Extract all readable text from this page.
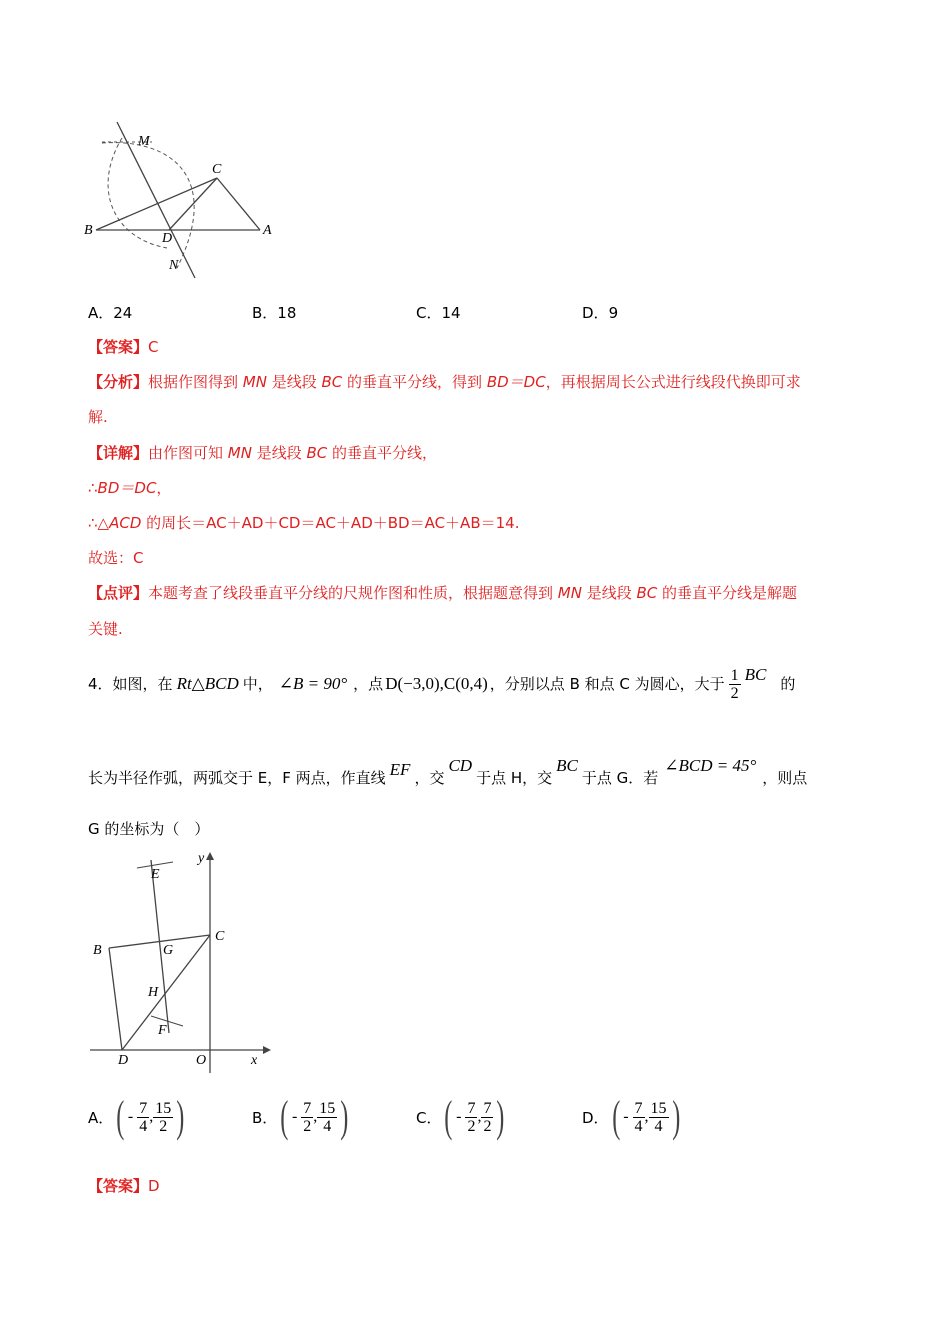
M
C
B
D
A
N
A．24	B．18	C．14	D．9
【答案】C
【分析】根据作图得到 MN 是线段 BC 的垂直平分线，得到 BD＝DC，再根据周长公式进行线段代换即可求
解.
【详解】由作图可知 MN 是线段 BC 的垂直平分线，
∴BD＝DC，
∴△ACD 的周长＝AC＋AD＋CD＝AC＋AD＋BD＝AC＋AB＝14.
故选：C
【点评】本题考查了线段垂直平分线的尺规作图和性质，根据题意得到 MN 是线段 BC 的垂直平分线是解题
关键.
4． 如图，在 Rt△BCD 中， ∠B = 90° ，点 D(−3,0),C(0,4) ，分别以点 B 和点 C 为圆心，大于 $\frac{1}{2}$ BC 的
长为半径作弧，两弧交于 E，F 两点，作直线 EF ，交
CD
于点 H，交
BC
于点 G．若
∠BCD = 45°
，则点
G 的坐标为（　）
y
E
B	G
C
H
F
D	O	x
A． ( - $\frac{7}{4}$ , $\frac{15}{2}$ )	B． ( - $\frac{7}{2}$ , $\frac{15}{4}$ )	C． ( - $\frac{7}{2}$ , $\frac{7}{2}$ )	D． ( - $\frac{7}{4}$ , $\frac{15}{4}$ )
【答案】D
